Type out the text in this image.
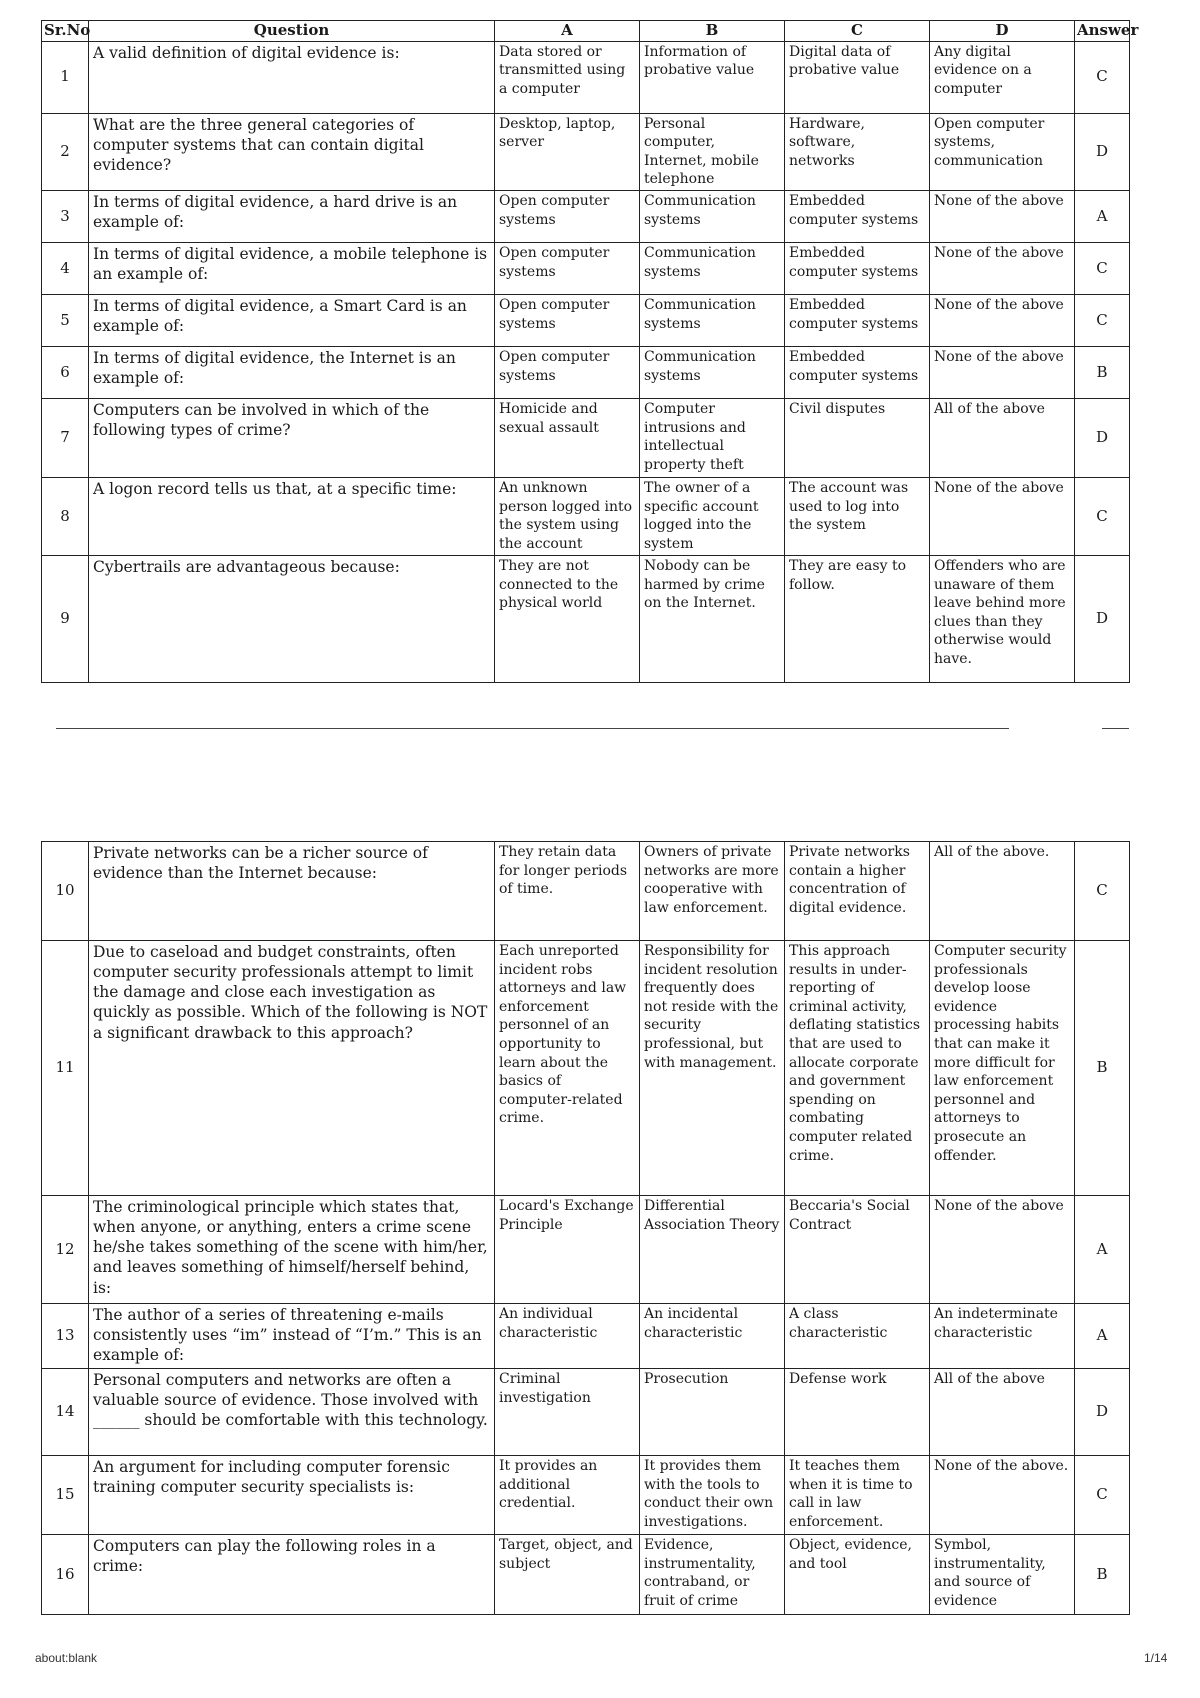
Sr.No	Question	A	B	C	D	Answer
1	A valid definition of digital evidence is:	Data stored or transmitted using a computer	Information of probative value	Digital data of probative value	Any digital evidence on a computer	C
2	What are the three general categories of computer systems that can contain digital evidence?	Desktop, laptop, server	Personal computer, Internet, mobile telephone	Hardware, software, networks	Open computer systems, communication	D
3	In terms of digital evidence, a hard drive is an example of:	Open computer systems	Communication systems	Embedded computer systems	None of the above	A
4	In terms of digital evidence, a mobile telephone is an example of:	Open computer systems	Communication systems	Embedded computer systems	None of the above	C
5	In terms of digital evidence, a Smart Card is an example of:	Open computer systems	Communication systems	Embedded computer systems	None of the above	C
6	In terms of digital evidence, the Internet is an example of:	Open computer systems	Communication systems	Embedded computer systems	None of the above	B
7	Computers can be involved in which of the following types of crime?	Homicide and sexual assault	Computer intrusions and intellectual property theft	Civil disputes	All of the above	D
8	A logon record tells us that, at a specific time:	An unknown person logged into the system using the account	The owner of a specific account logged into the system	The account was used to log into the system	None of the above	C
9	Cybertrails are advantageous because:	They are not connected to the physical world	Nobody can be harmed by crime on the Internet.	They are easy to follow.	Offenders who are unaware of them leave behind more clues than they otherwise would have.	D
10	Private networks can be a richer source of evidence than the Internet because:	They retain data for longer periods of time.	Owners of private networks are more cooperative with law enforcement.	Private networks contain a higher concentration of digital evidence.	All of the above.	C
11	Due to caseload and budget constraints, often computer security professionals attempt to limit the damage and close each investigation as quickly as possible. Which of the following is NOT a significant drawback to this approach?	Each unreported incident robs attorneys and law enforcement personnel of an opportunity to learn about the basics of computer-related crime.	Responsibility for incident resolution frequently does not reside with the security professional, but with management.	This approach results in under-reporting of criminal activity, deflating statistics that are used to allocate corporate and government spending on combating computer related crime.	Computer security professionals develop loose evidence processing habits that can make it more difficult for law enforcement personnel and attorneys to prosecute an offender.	B
12	The criminological principle which states that, when anyone, or anything, enters a crime scene he/she takes something of the scene with him/her, and leaves something of himself/herself behind, is:	Locard's Exchange Principle	Differential Association Theory	Beccaria's Social Contract	None of the above	A
13	The author of a series of threatening e-mails consistently uses “im” instead of “I’m.” This is an example of:	An individual characteristic	An incidental characteristic	A class characteristic	An indeterminate characteristic	A
14	Personal computers and networks are often a valuable source of evidence. Those involved with ______ should be comfortable with this technology.	Criminal investigation	Prosecution	Defense work	All of the above	D
15	An argument for including computer forensic training computer security specialists is:	It provides an additional credential.	It provides them with the tools to conduct their own investigations.	It teaches them when it is time to call in law enforcement.	None of the above.	C
16	Computers can play the following roles in a crime:	Target, object, and subject	Evidence, instrumentality, contraband, or fruit of crime	Object, evidence, and tool	Symbol, instrumentality, and source of evidence	B
about:blank	1/14
